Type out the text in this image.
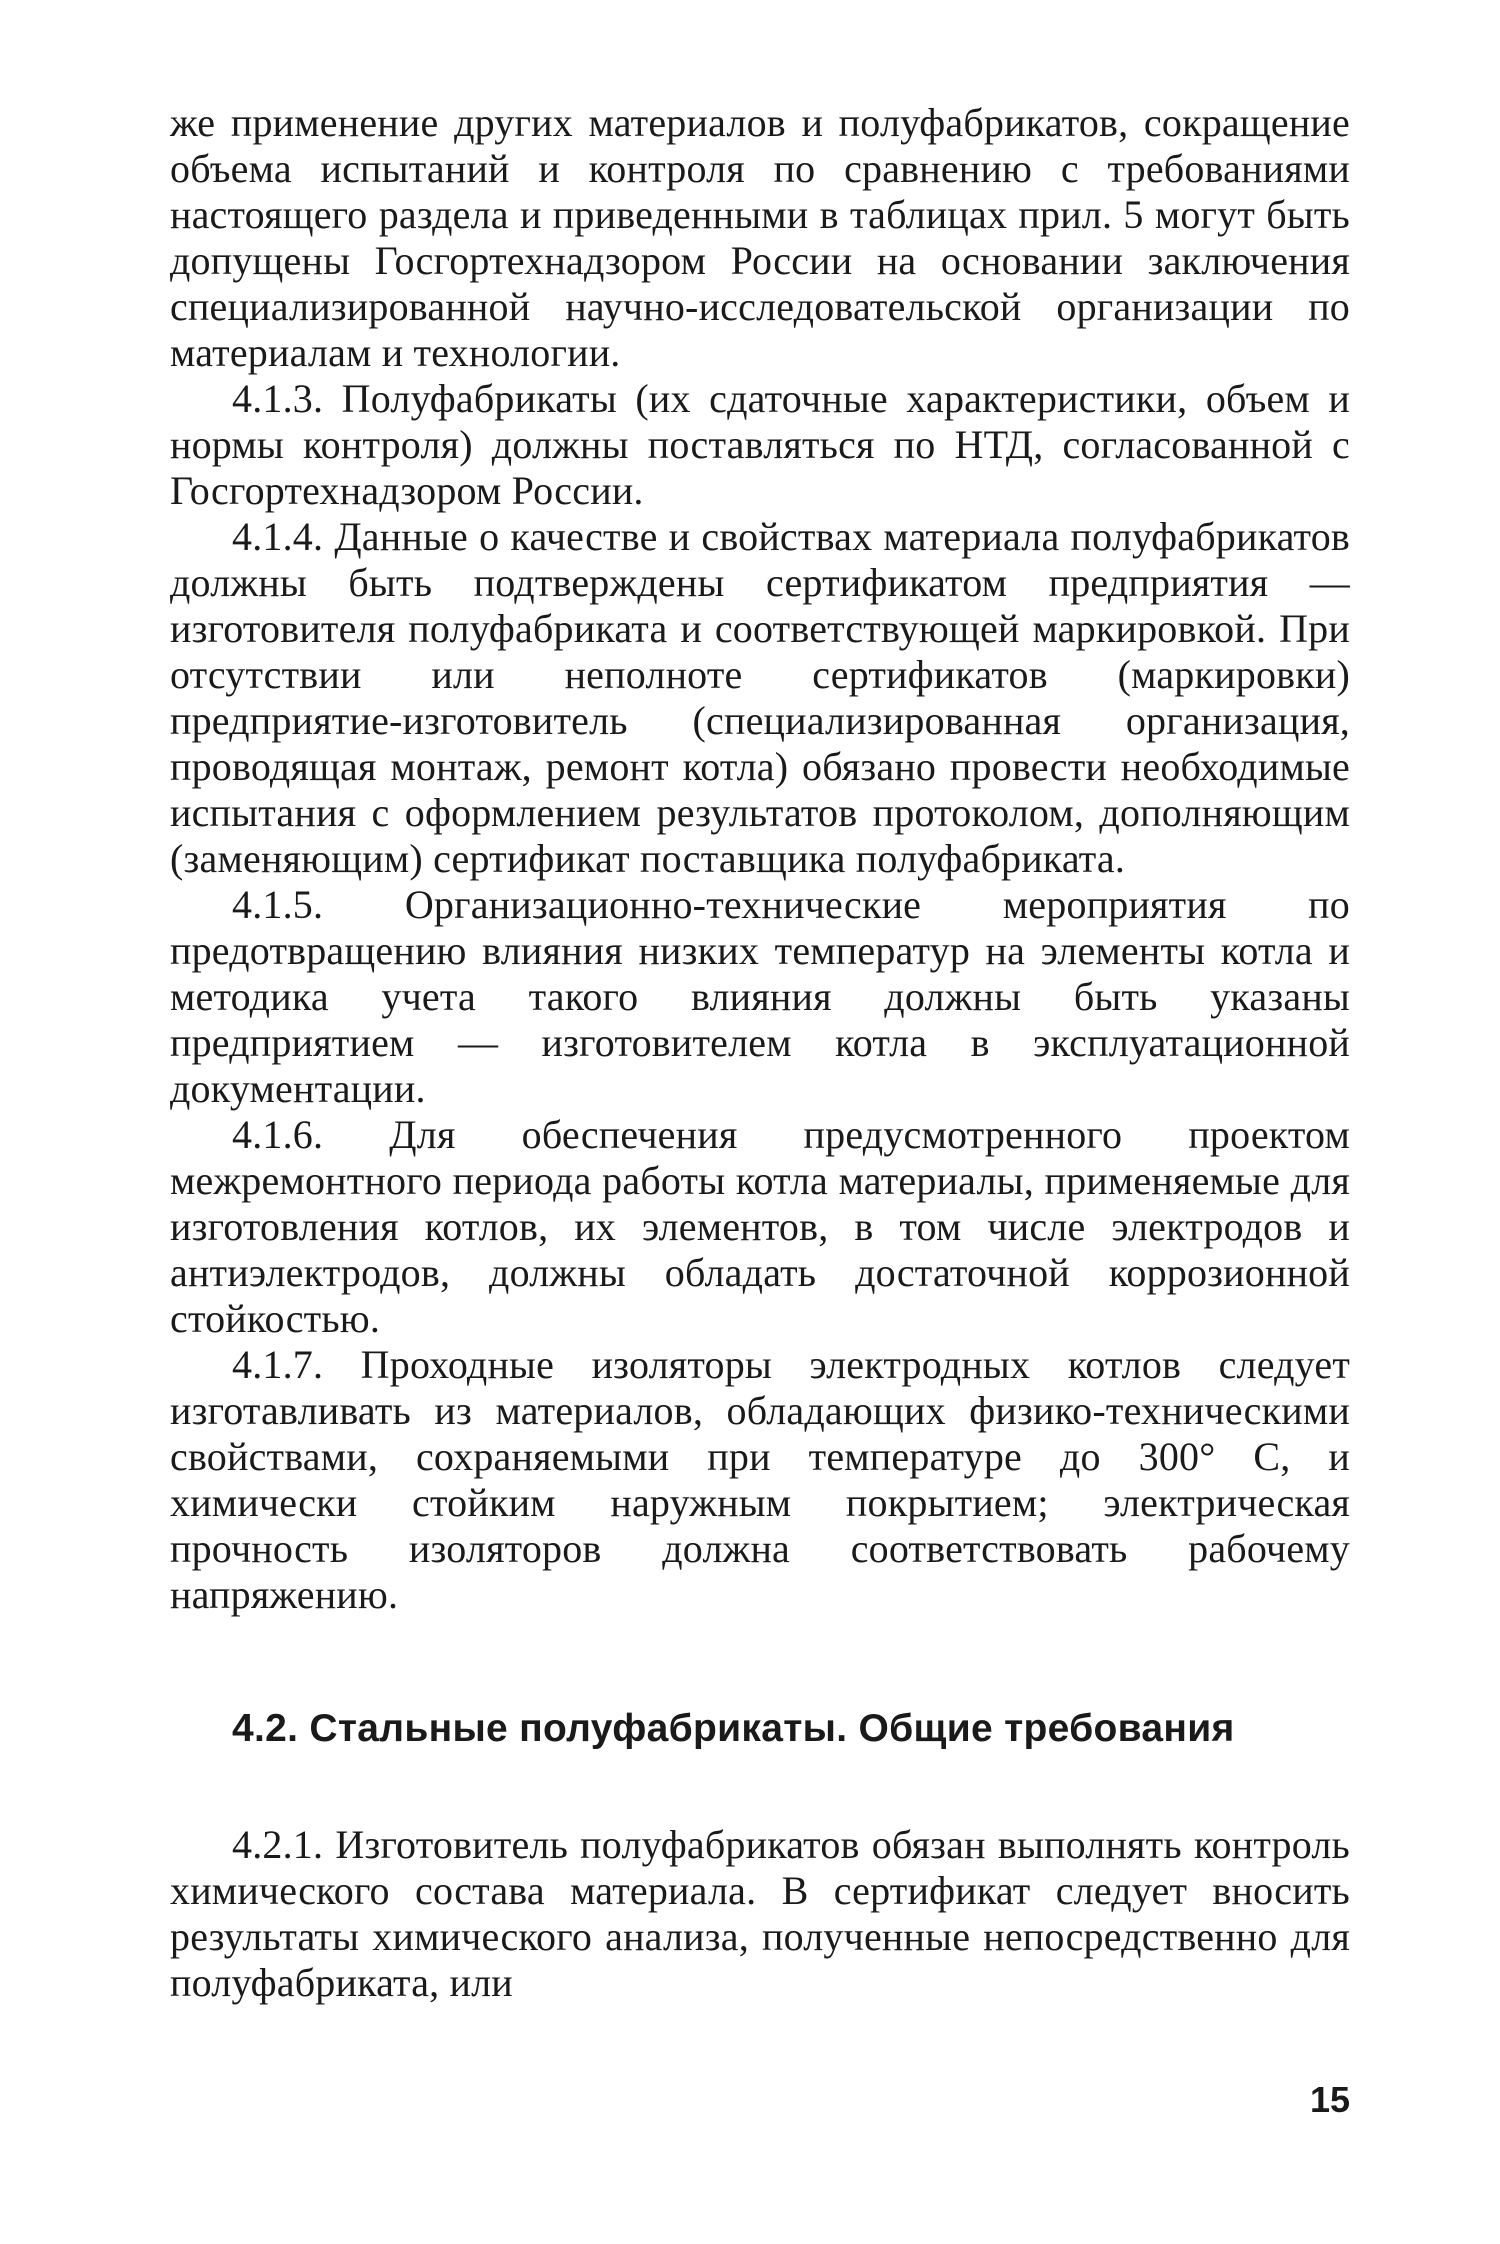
же применение других материалов и полуфабрикатов, сокращение объема испытаний и контроля по сравнению с требованиями настоящего раздела и приведенными в таблицах прил. 5 могут быть допущены Госгортехнадзором России на основании заключения специализированной научно-исследовательской организации по материалам и технологии.

4.1.3. Полуфабрикаты (их сдаточные характеристики, объем и нормы контроля) должны поставляться по НТД, согласованной с Госгортехнадзором России.

4.1.4. Данные о качестве и свойствах материала полуфабрикатов должны быть подтверждены сертификатом предприятия — изготовителя полуфабриката и соответствующей маркировкой. При отсутствии или неполноте сертификатов (маркировки) предприятие-изготовитель (специализированная организация, проводящая монтаж, ремонт котла) обязано провести необходимые испытания с оформлением результатов протоколом, дополняющим (заменяющим) сертификат поставщика полуфабриката.

4.1.5. Организационно-технические мероприятия по предотвращению влияния низких температур на элементы котла и методика учета такого влияния должны быть указаны предприятием — изготовителем котла в эксплуатационной документации.

4.1.6. Для обеспечения предусмотренного проектом межремонтного периода работы котла материалы, применяемые для изготовления котлов, их элементов, в том числе электродов и антиэлектродов, должны обладать достаточной коррозионной стойкостью.

4.1.7. Проходные изоляторы электродных котлов следует изготавливать из материалов, обладающих физико-техническими свойствами, сохраняемыми при температуре до 300° С, и химически стойким наружным покрытием; электрическая прочность изоляторов должна соответствовать рабочему напряжению.

4.2. Стальные полуфабрикаты. Общие требования

4.2.1. Изготовитель полуфабрикатов обязан выполнять контроль химического состава материала. В сертификат следует вносить результаты химического анализа, полученные непосредственно для полуфабриката, или

15
